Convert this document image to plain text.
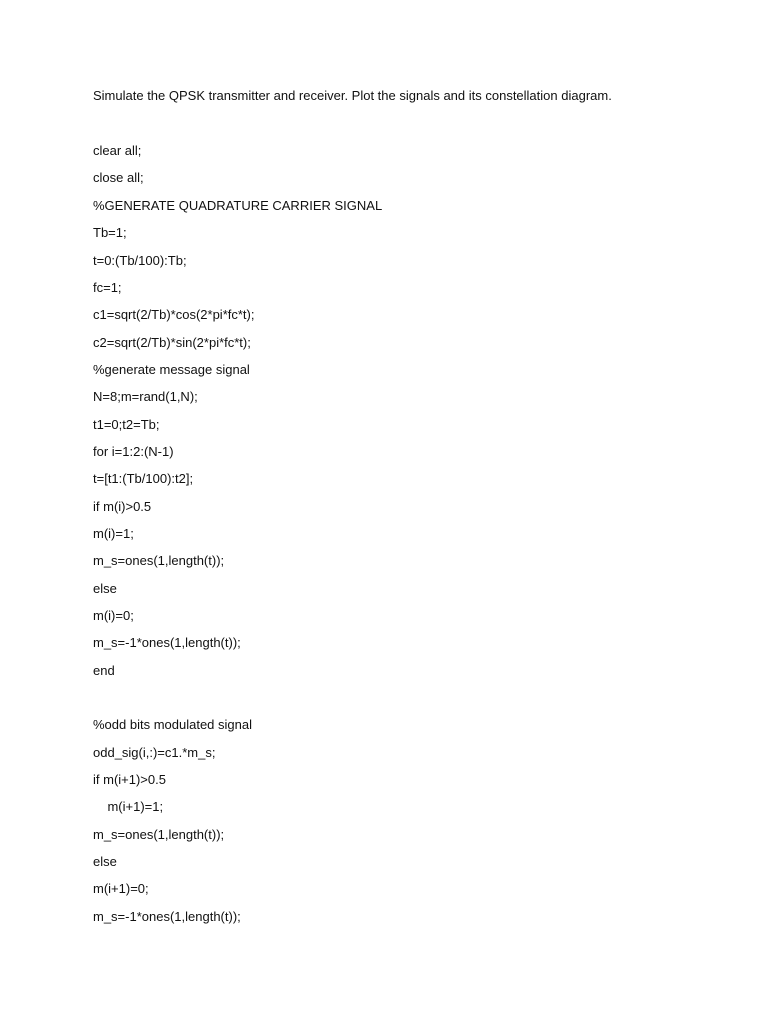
Simulate the QPSK transmitter and receiver. Plot the signals and its constellation diagram.
clear all;
close all;
%GENERATE QUADRATURE CARRIER SIGNAL
Tb=1;
t=0:(Tb/100):Tb;
fc=1;
c1=sqrt(2/Tb)*cos(2*pi*fc*t);
c2=sqrt(2/Tb)*sin(2*pi*fc*t);
%generate message signal
N=8;m=rand(1,N);
t1=0;t2=Tb;
for i=1:2:(N-1)
t=[t1:(Tb/100):t2];
if m(i)>0.5
m(i)=1;
m_s=ones(1,length(t));
else
m(i)=0;
m_s=-1*ones(1,length(t));
end
%odd bits modulated signal
odd_sig(i,:)=c1.*m_s;
if m(i+1)>0.5
m(i+1)=1;
m_s=ones(1,length(t));
else
m(i+1)=0;
m_s=-1*ones(1,length(t));
